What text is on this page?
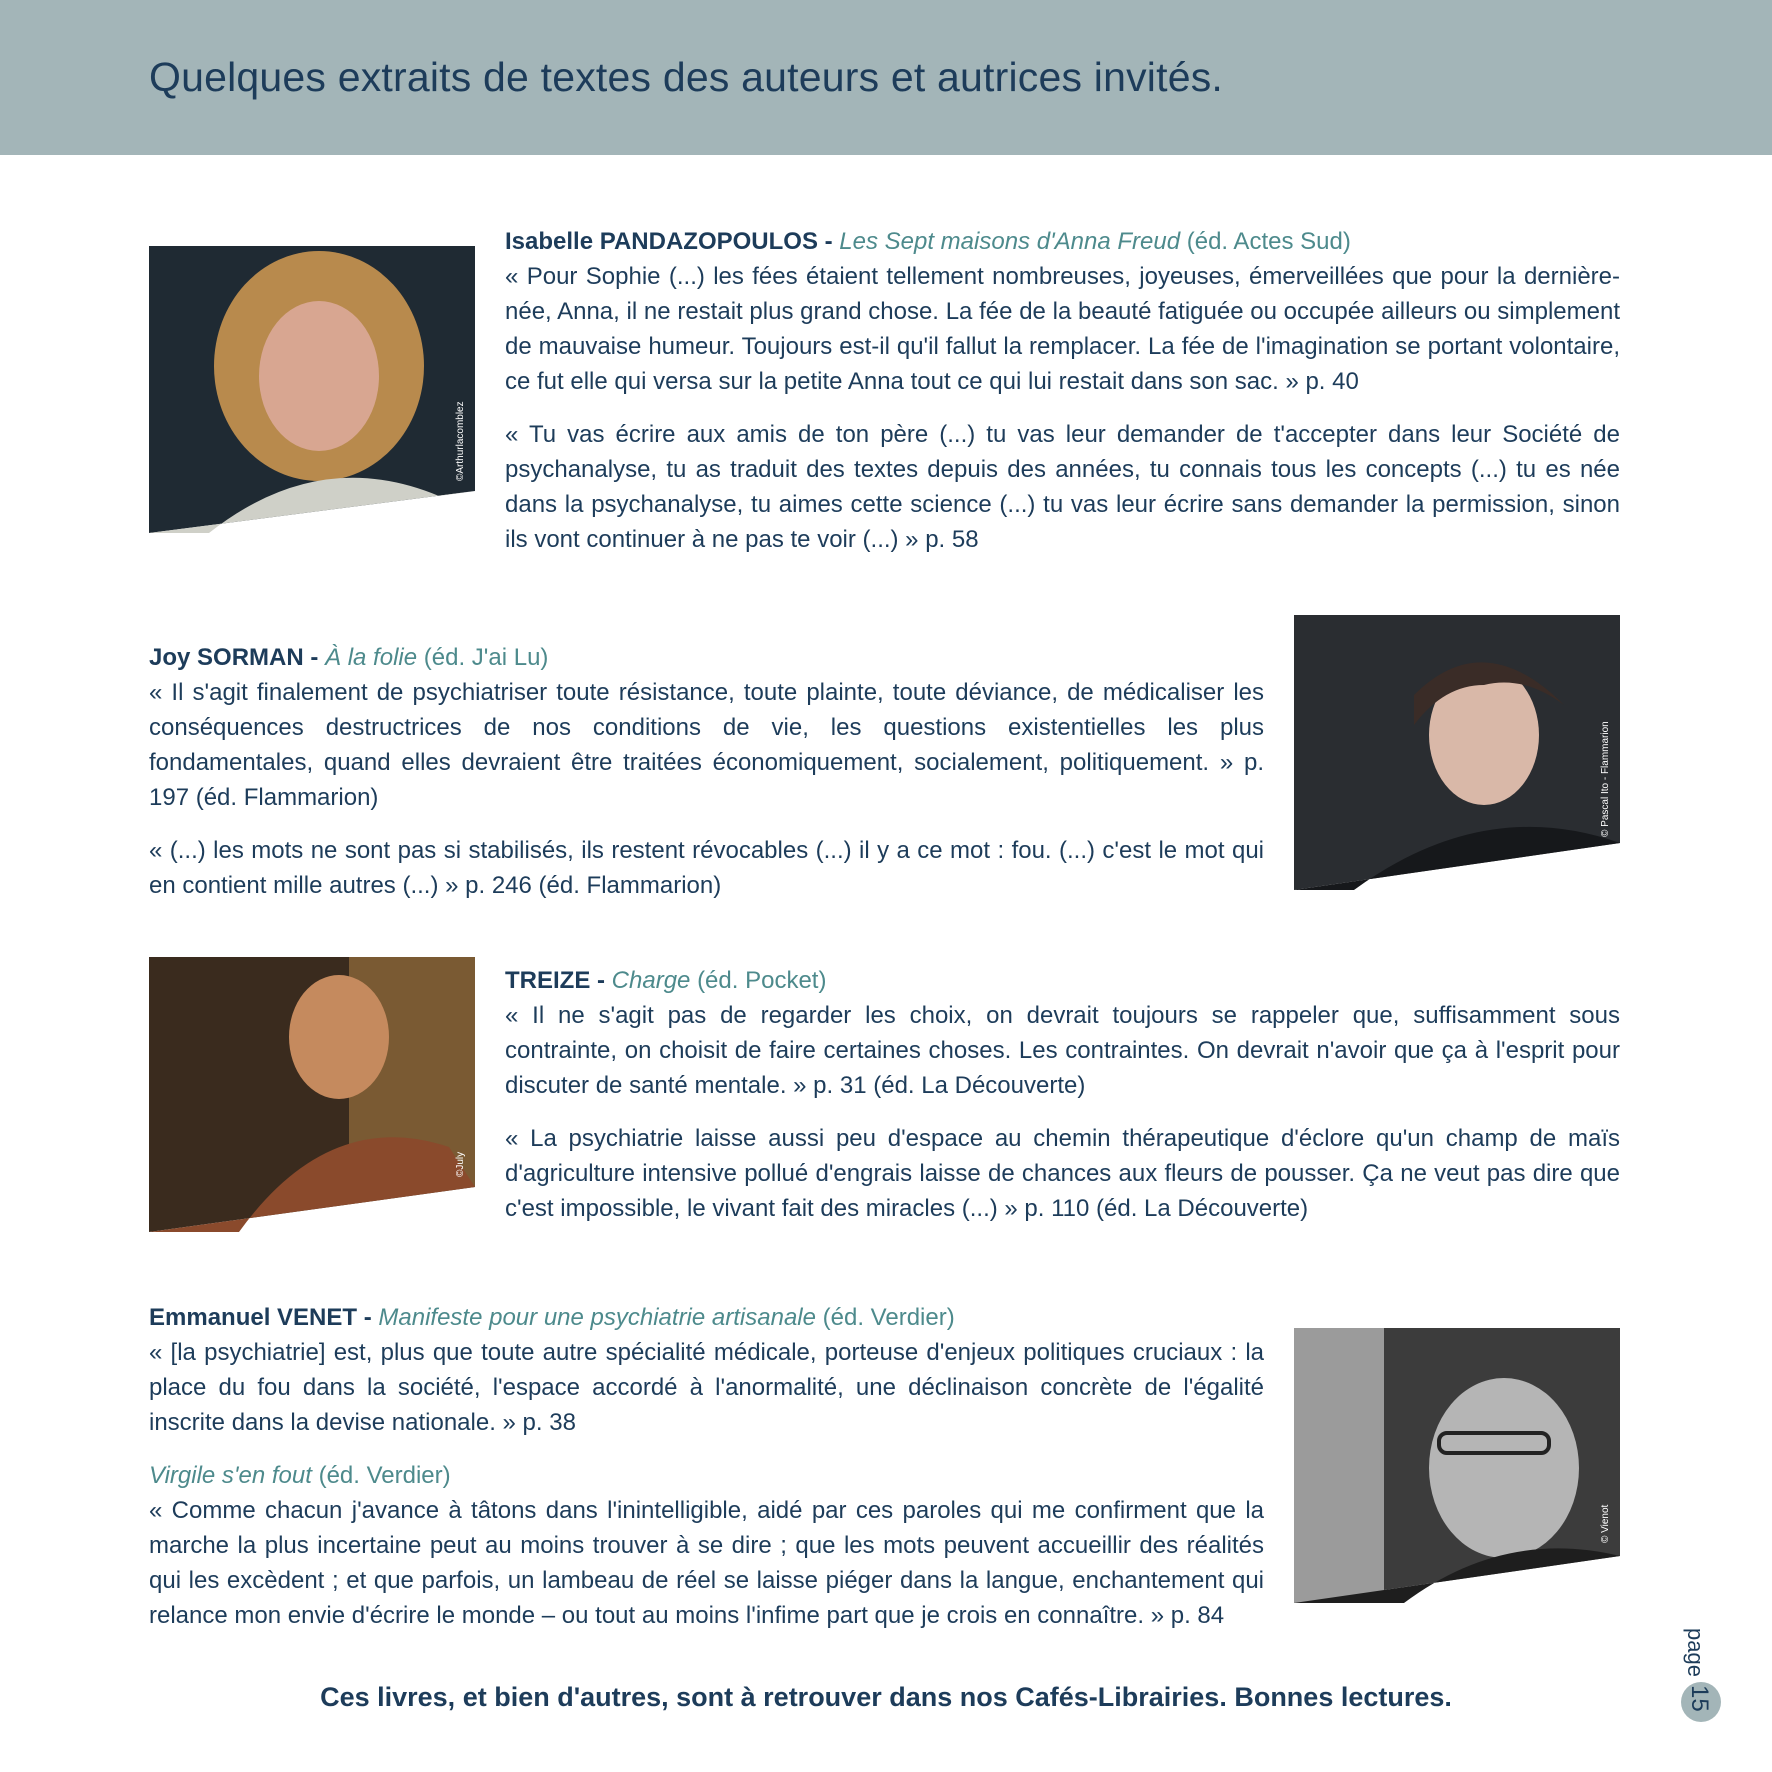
Quelques extraits de textes des auteurs et autrices invités.
©Arthurlacomblez
Isabelle PANDAZOPOULOS - Les Sept maisons d'Anna Freud (éd. Actes Sud)

« Pour Sophie (...) les fées étaient tellement nombreuses, joyeuses, émerveillées que pour la dernière-née, Anna, il ne restait plus grand chose. La fée de la beauté fatiguée ou occupée ailleurs ou simplement de mauvaise humeur. Toujours est-il qu'il fallut la remplacer. La fée de l'imagination se portant volontaire, ce fut elle qui versa sur la petite Anna tout ce qui lui restait dans son sac. » p. 40

« Tu vas écrire aux amis de ton père (...) tu vas leur demander de t'accepter dans leur Société de psychanalyse, tu as traduit des textes depuis des années, tu connais tous les concepts (...) tu es née dans la psychanalyse, tu aimes cette science (...) tu vas leur écrire sans demander la permission, sinon ils vont continuer à ne pas te voir (...) » p. 58

Joy SORMAN - À la folie (éd. J'ai Lu)

« Il s'agit finalement de psychiatriser toute résistance, toute plainte, toute déviance, de médicaliser les conséquences destructrices de nos conditions de vie, les questions existentielles les plus fondamentales, quand elles devraient être traitées économiquement, socialement, politiquement. » p. 197 (éd. Flammarion)

« (...) les mots ne sont pas si stabilisés, ils restent révocables (...) il y a ce mot : fou. (...) c'est le mot qui en contient mille autres (...) » p. 246 (éd. Flammarion)

© Pascal Ito - Flammarion
©July
TREIZE - Charge (éd. Pocket)

« Il ne s'agit pas de regarder les choix, on devrait toujours se rappeler que, suffisamment sous contrainte, on choisit de faire certaines choses. Les contraintes. On devrait n'avoir que ça à l'esprit pour discuter de santé mentale. » p. 31 (éd. La Découverte)

« La psychiatrie laisse aussi peu d'espace au chemin thérapeutique d'éclore qu'un champ de maïs d'agriculture intensive pollué d'engrais laisse de chances aux fleurs de pousser. Ça ne veut pas dire que c'est impossible, le vivant fait des miracles (...) » p. 110 (éd. La Découverte)

Emmanuel VENET - Manifeste pour une psychiatrie artisanale (éd. Verdier)

« [la psychiatrie] est, plus que toute autre spécialité médicale, porteuse d'enjeux politiques cruciaux : la place du fou dans la société, l'espace accordé à l'anormalité, une déclinaison concrète de l'égalité inscrite dans la devise nationale. » p. 38

Virgile s'en fout (éd. Verdier)

« Comme chacun j'avance à tâtons dans l'inintelligible, aidé par ces paroles qui me confirment que la marche la plus incertaine peut au moins trouver à se dire ; que les mots peuvent accueillir des réalités qui les excèdent ; et que parfois, un lambeau de réel se laisse piéger dans la langue, enchantement qui relance mon envie d'écrire le monde – ou tout au moins l'infime part que je crois en connaître. » p. 84

© Vienot
Ces livres, et bien d'autres, sont à retrouver dans nos Cafés-Librairies. Bonnes lectures.
page
15
